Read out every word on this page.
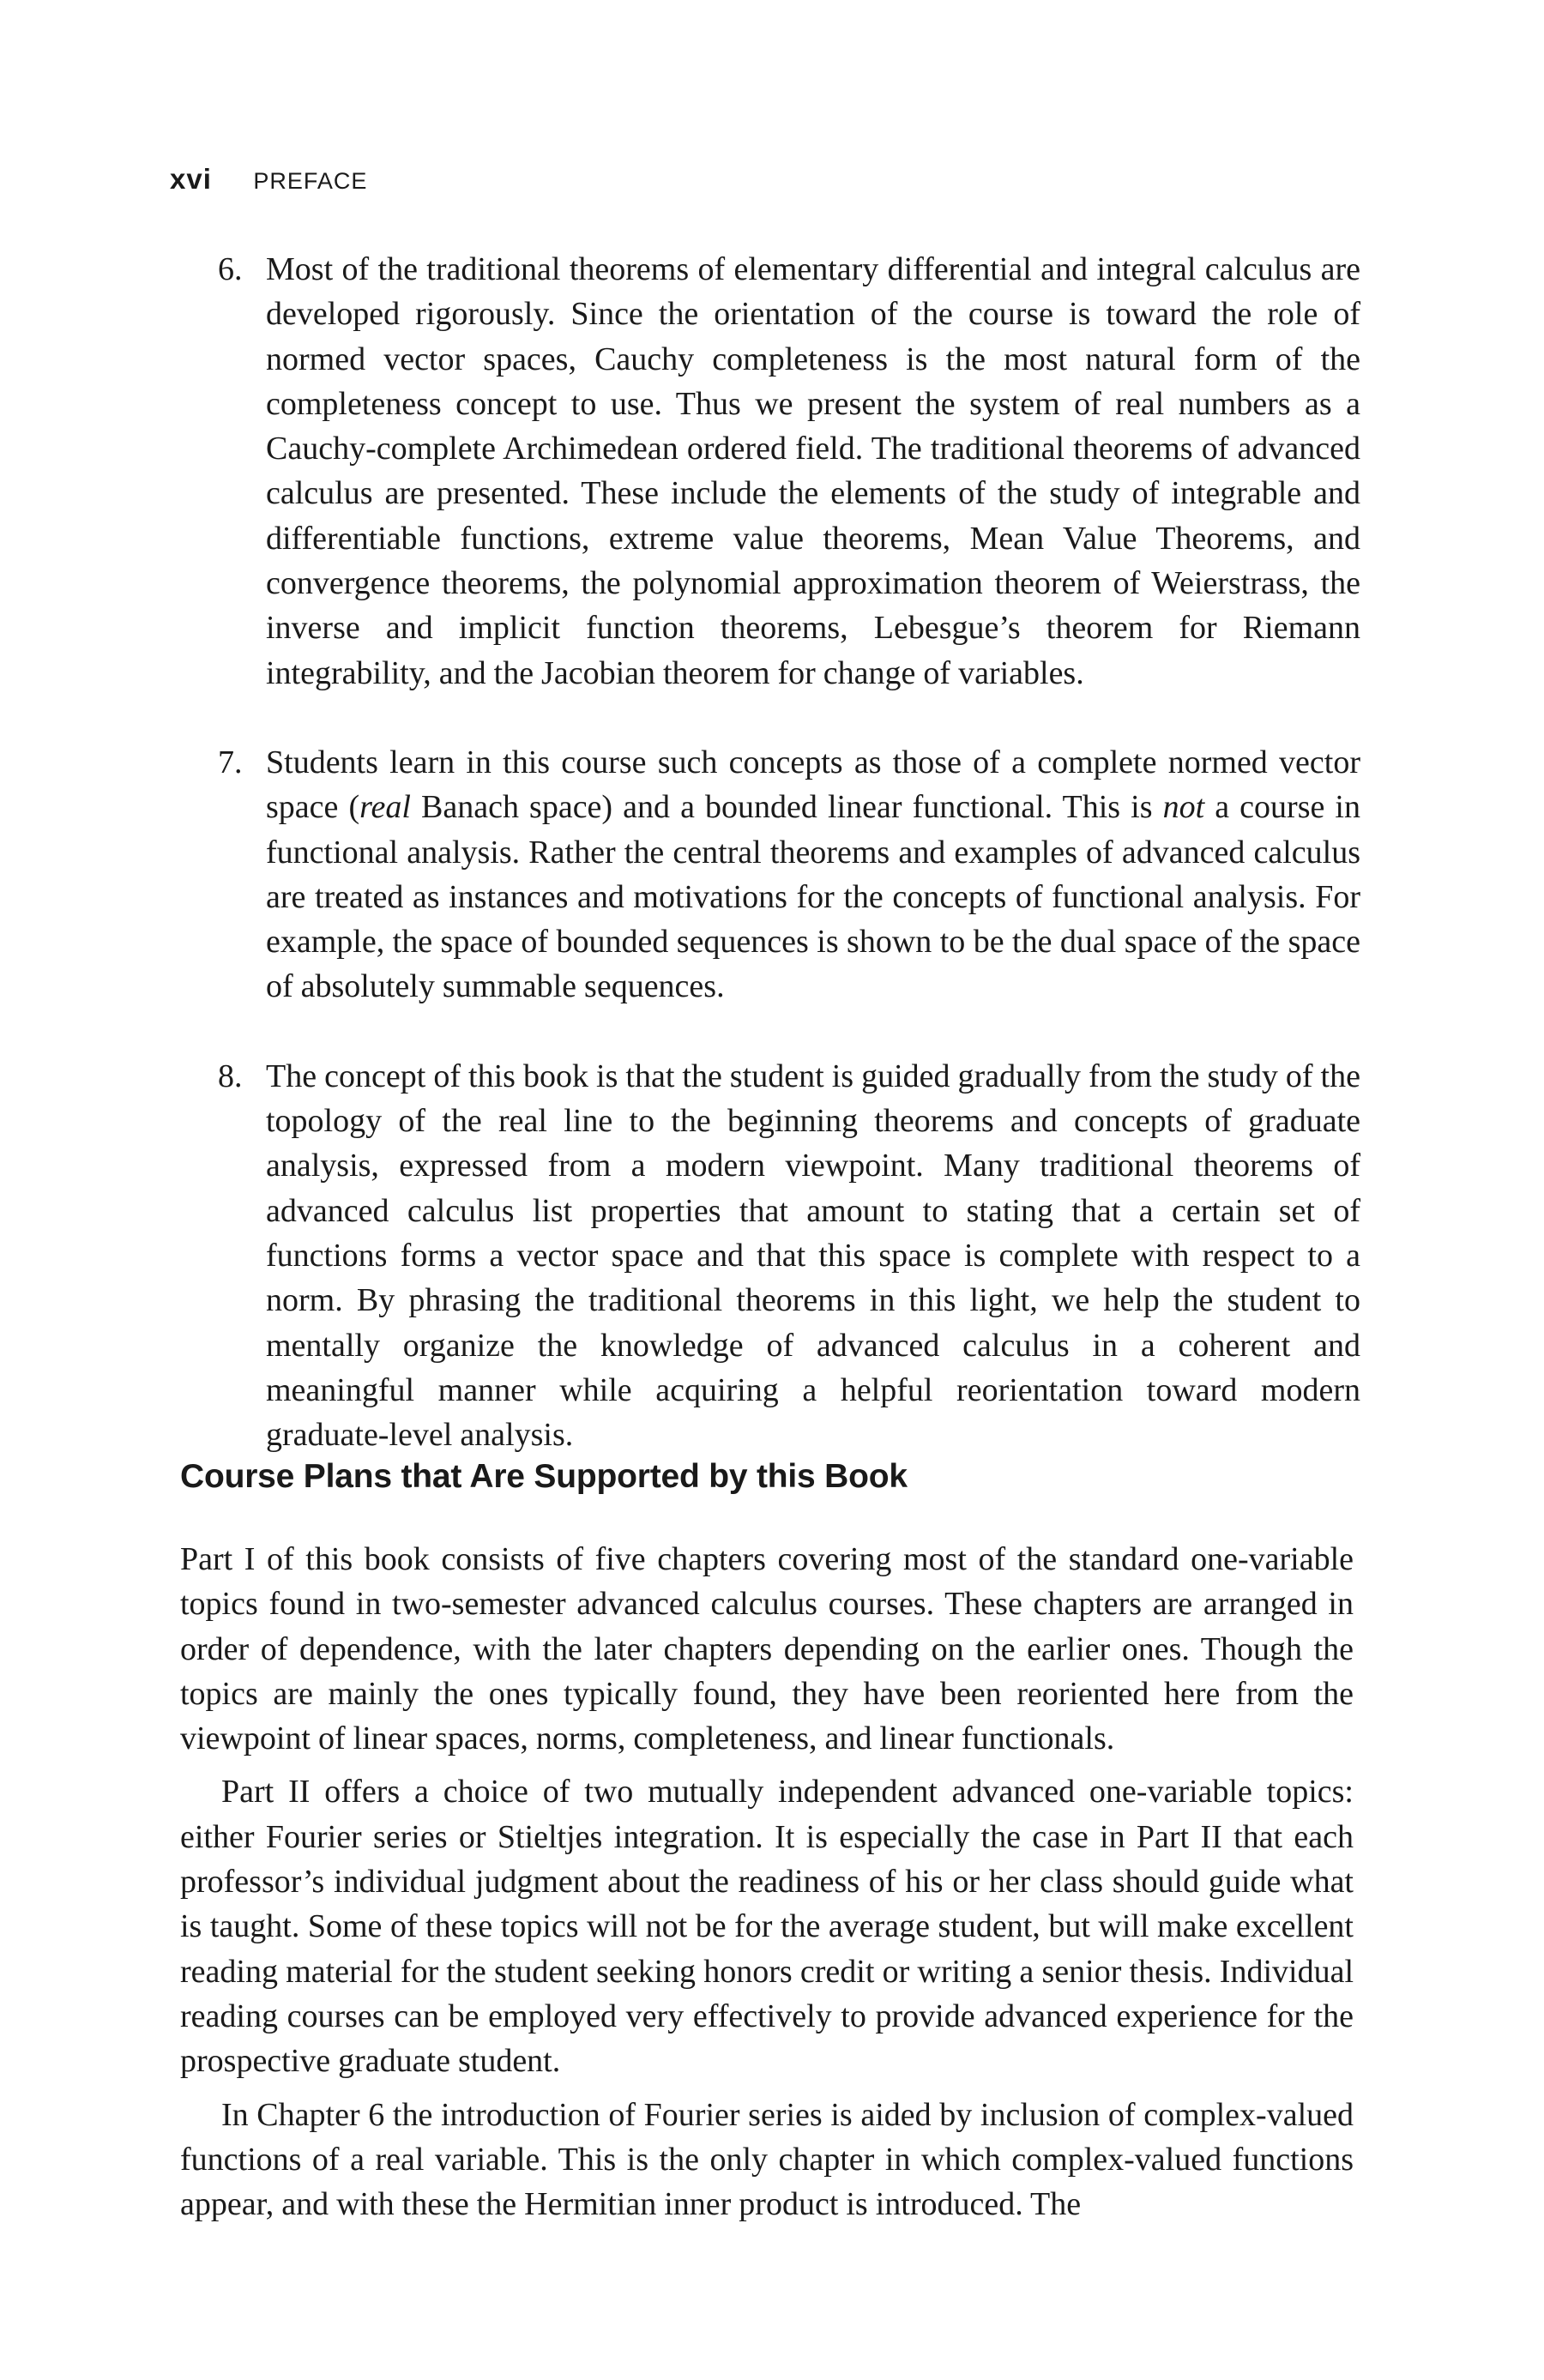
xvi PREFACE
6. Most of the traditional theorems of elementary differential and integral calculus are developed rigorously. Since the orientation of the course is toward the role of normed vector spaces, Cauchy completeness is the most natural form of the completeness concept to use. Thus we present the system of real numbers as a Cauchy-complete Archimedean ordered field. The traditional theorems of advanced calculus are presented. These include the elements of the study of integrable and differentiable functions, extreme value theorems, Mean Value Theorems, and convergence theorems, the polynomial approximation theorem of Weierstrass, the inverse and implicit function theorems, Lebesgue’s theorem for Riemann integrability, and the Jacobian theorem for change of variables.
7. Students learn in this course such concepts as those of a complete normed vector space (real Banach space) and a bounded linear functional. This is not a course in functional analysis. Rather the central theorems and examples of advanced calculus are treated as instances and motivations for the concepts of functional analysis. For example, the space of bounded sequences is shown to be the dual space of the space of absolutely summable sequences.
8. The concept of this book is that the student is guided gradually from the study of the topology of the real line to the beginning theorems and concepts of graduate analysis, expressed from a modern viewpoint. Many traditional theorems of advanced calculus list properties that amount to stating that a certain set of functions forms a vector space and that this space is complete with respect to a norm. By phrasing the traditional theorems in this light, we help the student to mentally organize the knowledge of advanced calculus in a coherent and meaningful manner while acquiring a helpful reorientation toward modern graduate-level analysis.
Course Plans that Are Supported by this Book

Part I of this book consists of five chapters covering most of the standard one-variable topics found in two-semester advanced calculus courses. These chapters are arranged in order of dependence, with the later chapters depending on the earlier ones. Though the topics are mainly the ones typically found, they have been reoriented here from the viewpoint of linear spaces, norms, completeness, and linear functionals.

Part II offers a choice of two mutually independent advanced one-variable topics: either Fourier series or Stieltjes integration. It is especially the case in Part II that each professor’s individual judgment about the readiness of his or her class should guide what is taught. Some of these topics will not be for the average student, but will make excellent reading material for the student seeking honors credit or writing a senior thesis. Individual reading courses can be employed very effectively to provide advanced experience for the prospective graduate student.

In Chapter 6 the introduction of Fourier series is aided by inclusion of complex-valued functions of a real variable. This is the only chapter in which complex-valued functions appear, and with these the Hermitian inner product is introduced. The
